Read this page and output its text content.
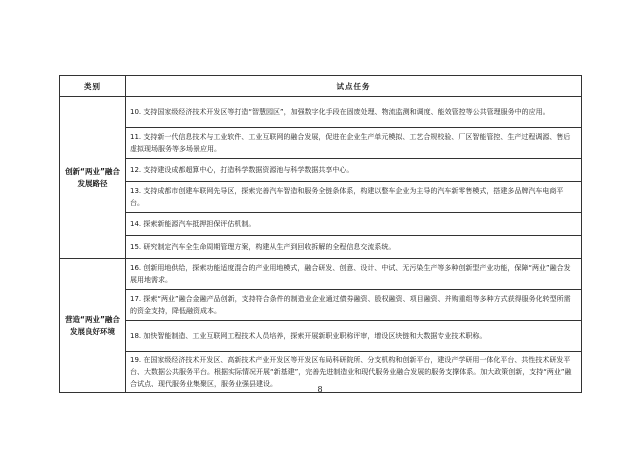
类别	试点任务
创新“两业”融合发展路径	10. 支持国家级经济技术开发区等打造“智慧园区”，加强数字化手段在固废处理、物流监测和调度、能效管控等公共管理服务中的应用。
	11. 支持新一代信息技术与工业软件、工业互联网的融合发展，促进在企业生产单元模拟、工艺合规校验、厂区智能管控、生产过程调源、售后虚拟现场服务等多场景应用。
	12. 支持建设成都超算中心，打造科学数据资源池与科学数据共享中心。
	13. 支持成都市创建车联网先导区，探索完善汽车智造和服务全链条体系，构建以整车企业为主导的汽车新零售模式，搭建多品牌汽车电商平台。
	14. 探索新能源汽车抵押担保评估机制。
	15. 研究制定汽车全生命周期管理方案，构建从生产到回收拆解的全程信息交流系统。
营造“两业”融合发展良好环境	16. 创新用地供给，探索功能适度混合的产业用地模式，融合研发、创意、设计、中试、无污染生产等多种创新型产业功能，保障“两业”融合发展用地需求。
	17. 探索“两业”融合金融产品创新，支持符合条件的制造业企业通过债券融资、股权融资、项目融资、并购重组等多种方式获得服务化转型所需的资金支持，降低融资成本。
	18. 加快智能制造、工业互联网工程技术人员培养，探索开展新职业职称评审，增设区块链和大数据专业技术职称。
	19. 在国家级经济技术开发区、高新技术产业开发区等开发区布局科研院所、分支机构和创新平台，建设产学研用一体化平台、共性技术研发平台、大数据公共服务平台。根据实际情况开展“新基建”，完善先进制造业和现代服务业融合发展的服务支撑体系。加大政策创新，支持“两业”融合试点、现代服务业集聚区，服务业强县建设。
8
